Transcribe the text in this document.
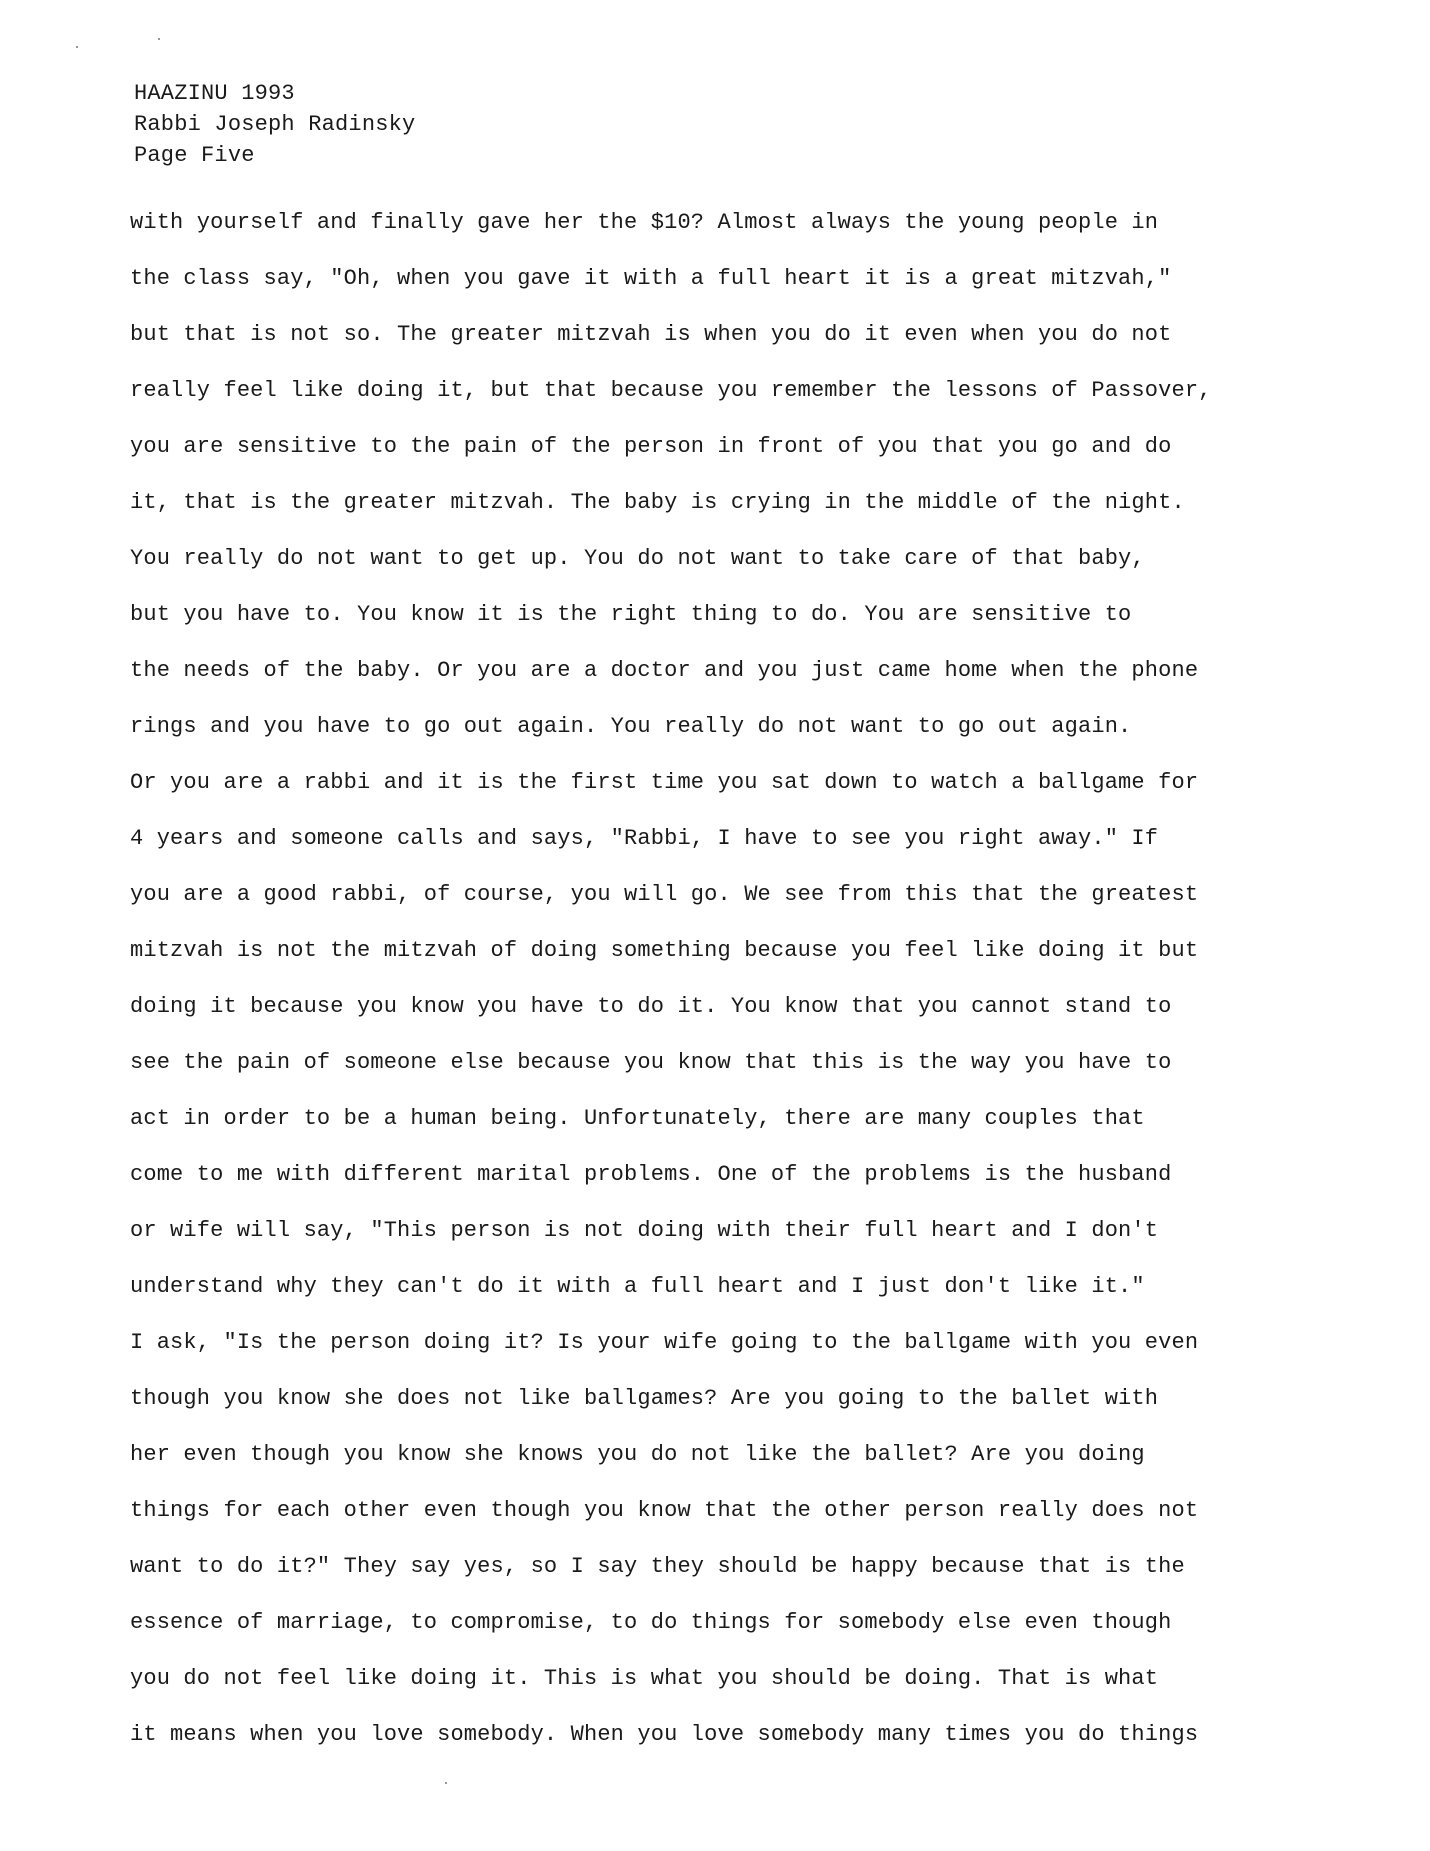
HAAZINU 1993
Rabbi Joseph Radinsky
Page Five
with yourself and finally gave her the $10? Almost always the young people in
the class say, "Oh, when you gave it with a full heart it is a great mitzvah,"
but that is not so. The greater mitzvah is when you do it even when you do not
really feel like doing it, but that because you remember the lessons of Passover,
you are sensitive to the pain of the person in front of you that you go and do
it, that is the greater mitzvah. The baby is crying in the middle of the night.
You really do not want to get up. You do not want to take care of that baby,
but you have to. You know it is the right thing to do. You are sensitive to
the needs of the baby. Or you are a doctor and you just came home when the phone
rings and you have to go out again. You really do not want to go out again.
Or you are a rabbi and it is the first time you sat down to watch a ballgame for
4 years and someone calls and says, "Rabbi, I have to see you right away." If
you are a good rabbi, of course, you will go. We see from this that the greatest
mitzvah is not the mitzvah of doing something because you feel like doing it but
doing it because you know you have to do it. You know that you cannot stand to
see the pain of someone else because you know that this is the way you have to
act in order to be a human being. Unfortunately, there are many couples that
come to me with different marital problems. One of the problems is the husband
or wife will say, "This person is not doing with their full heart and I don't
understand why they can't do it with a full heart and I just don't like it."
I ask, "Is the person doing it? Is your wife going to the ballgame with you even
though you know she does not like ballgames? Are you going to the ballet with
her even though you know she knows you do not like the ballet? Are you doing
things for each other even though you know that the other person really does not
want to do it?" They say yes, so I say they should be happy because that is the
essence of marriage, to compromise, to do things for somebody else even though
you do not feel like doing it. This is what you should be doing. That is what
it means when you love somebody. When you love somebody many times you do things
